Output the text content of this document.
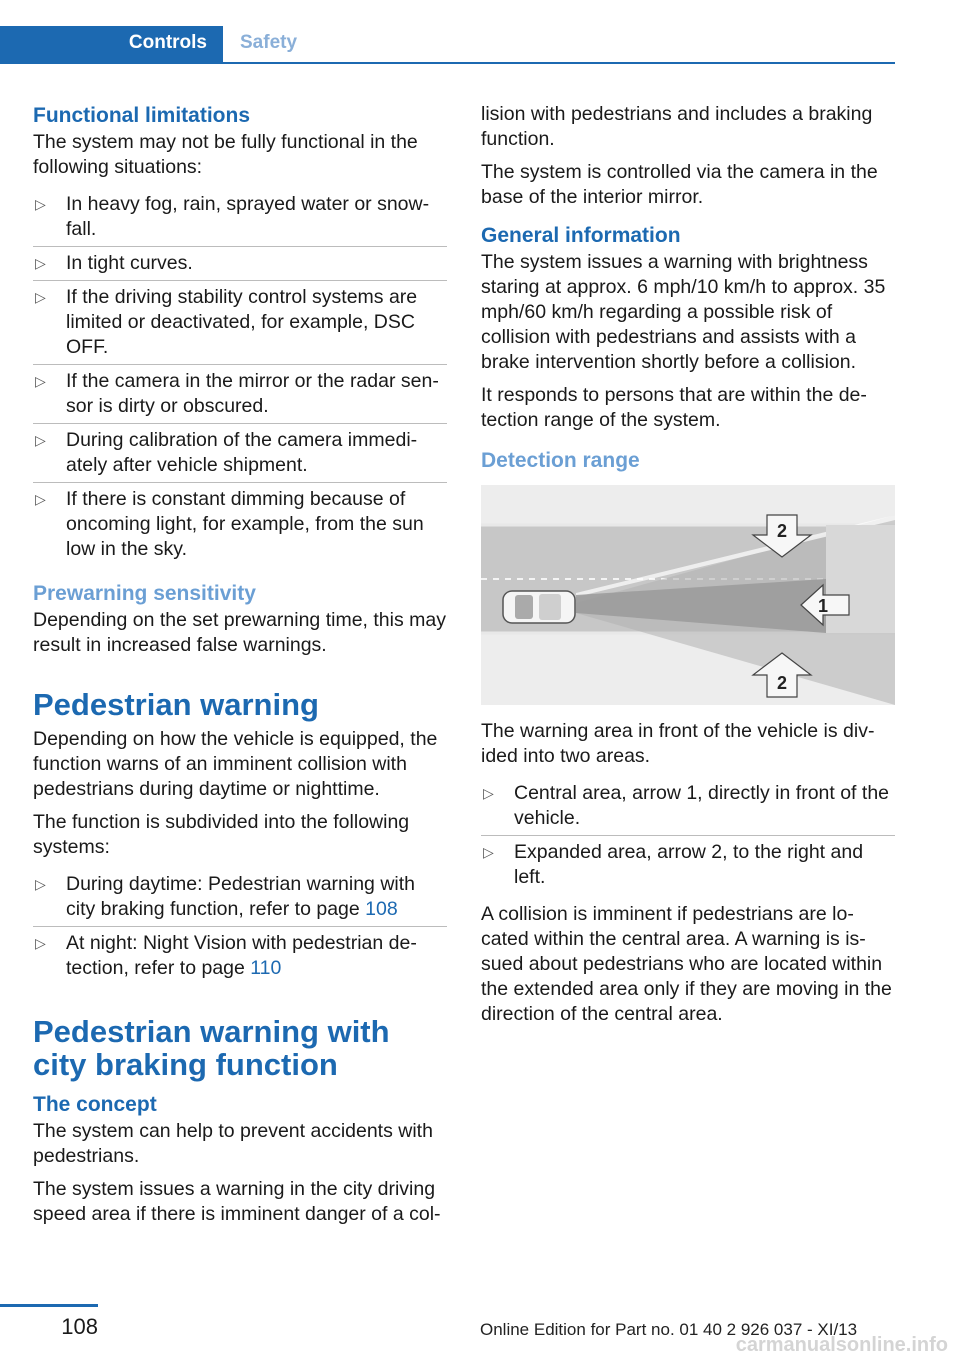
Controls	Safety
Functional limitations

The system may not be fully functional in the following situations:

▷ In heavy fog, rain, sprayed water or snow‐fall.
▷ In tight curves.
▷ If the driving stability control systems are limited or deactivated, for example, DSC OFF.
▷ If the camera in the mirror or the radar sen‐sor is dirty or obscured.
▷ During calibration of the camera immedi‐ately after vehicle shipment.
▷ If there is constant dimming because of oncoming light, for example, from the sun low in the sky.
Prewarning sensitivity

Depending on the set prewarning time, this may result in increased false warnings.

Pedestrian warning

Depending on how the vehicle is equipped, the function warns of an imminent collision with pedestrians during daytime or nighttime.

The function is subdivided into the following systems:

▷ During daytime: Pedestrian warning with city braking function, refer to page 108
▷ At night: Night Vision with pedestrian de‐tection, refer to page 110
Pedestrian warning with city braking function
The concept

The system can help to prevent accidents with pedestrians.

The system issues a warning in the city driving speed area if there is imminent danger of a col‐

lision with pedestrians and includes a braking function.

The system is controlled via the camera in the base of the interior mirror.

General information

The system issues a warning with brightness staring at approx. 6 mph/10 km/h to approx. 35 mph/60 km/h regarding a possible risk of collision with pedestrians and assists with a brake intervention shortly before a collision.

It responds to persons that are within the de‐tection range of the system.

Detection range
2
1
2

The warning area in front of the vehicle is div‐ided into two areas.

▷ Central area, arrow 1, directly in front of the vehicle.
▷ Expanded area, arrow 2, to the right and left.

A collision is imminent if pedestrians are lo‐cated within the central area. A warning is is‐sued about pedestrians who are located within the extended area only if they are moving in the direction of the central area.

108	Online Edition for Part no. 01 40 2 926 037 - XI/13
carmanualsonline.info
